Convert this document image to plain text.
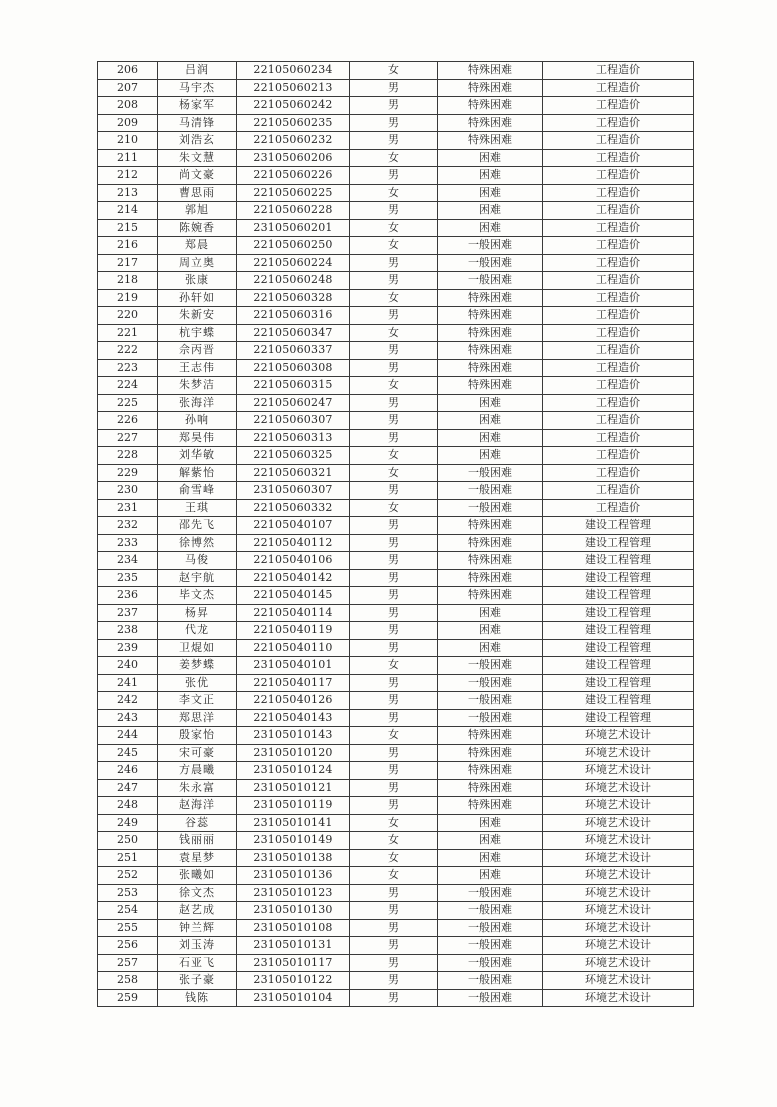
206	吕润	22105060234	女	特殊困难	工程造价
207	马宇杰	22105060213	男	特殊困难	工程造价
208	杨家军	22105060242	男	特殊困难	工程造价
209	马清锋	22105060235	男	特殊困难	工程造价
210	刘浩玄	22105060232	男	特殊困难	工程造价
211	朱文慧	23105060206	女	困难	工程造价
212	尚文豪	22105060226	男	困难	工程造价
213	曹思雨	22105060225	女	困难	工程造价
214	郭旭	22105060228	男	困难	工程造价
215	陈婉香	23105060201	女	困难	工程造价
216	郑晨	22105060250	女	一般困难	工程造价
217	周立奥	22105060224	男	一般困难	工程造价
218	张康	22105060248	男	一般困难	工程造价
219	孙轩如	22105060328	女	特殊困难	工程造价
220	朱新安	22105060316	男	特殊困难	工程造价
221	杭宇蝶	22105060347	女	特殊困难	工程造价
222	佘丙晋	22105060337	男	特殊困难	工程造价
223	王志伟	22105060308	男	特殊困难	工程造价
224	朱梦洁	22105060315	女	特殊困难	工程造价
225	张海洋	22105060247	男	困难	工程造价
226	孙响	22105060307	男	困难	工程造价
227	郑昊伟	22105060313	男	困难	工程造价
228	刘华敏	22105060325	女	困难	工程造价
229	解紫怡	22105060321	女	一般困难	工程造价
230	俞雪峰	23105060307	男	一般困难	工程造价
231	王琪	22105060332	女	一般困难	工程造价
232	邵先飞	22105040107	男	特殊困难	建设工程管理
233	徐博然	22105040112	男	特殊困难	建设工程管理
234	马俊	22105040106	男	特殊困难	建设工程管理
235	赵宇航	22105040142	男	特殊困难	建设工程管理
236	毕文杰	22105040145	男	特殊困难	建设工程管理
237	杨昇	22105040114	男	困难	建设工程管理
238	代龙	22105040119	男	困难	建设工程管理
239	卫焜如	22105040110	男	困难	建设工程管理
240	姜梦蝶	23105040101	女	一般困难	建设工程管理
241	张优	22105040117	男	一般困难	建设工程管理
242	李文正	22105040126	男	一般困难	建设工程管理
243	郑思洋	22105040143	男	一般困难	建设工程管理
244	殷家怡	23105010143	女	特殊困难	环境艺术设计
245	宋可豪	23105010120	男	特殊困难	环境艺术设计
246	方晨曦	23105010124	男	特殊困难	环境艺术设计
247	朱永富	23105010121	男	特殊困难	环境艺术设计
248	赵海洋	23105010119	男	特殊困难	环境艺术设计
249	谷蕊	23105010141	女	困难	环境艺术设计
250	钱丽丽	23105010149	女	困难	环境艺术设计
251	袁星梦	23105010138	女	困难	环境艺术设计
252	张曦如	23105010136	女	困难	环境艺术设计
253	徐文杰	23105010123	男	一般困难	环境艺术设计
254	赵艺成	23105010130	男	一般困难	环境艺术设计
255	钟兰辉	23105010108	男	一般困难	环境艺术设计
256	刘玉涛	23105010131	男	一般困难	环境艺术设计
257	石亚飞	23105010117	男	一般困难	环境艺术设计
258	张子豪	23105010122	男	一般困难	环境艺术设计
259	钱陈	23105010104	男	一般困难	环境艺术设计
